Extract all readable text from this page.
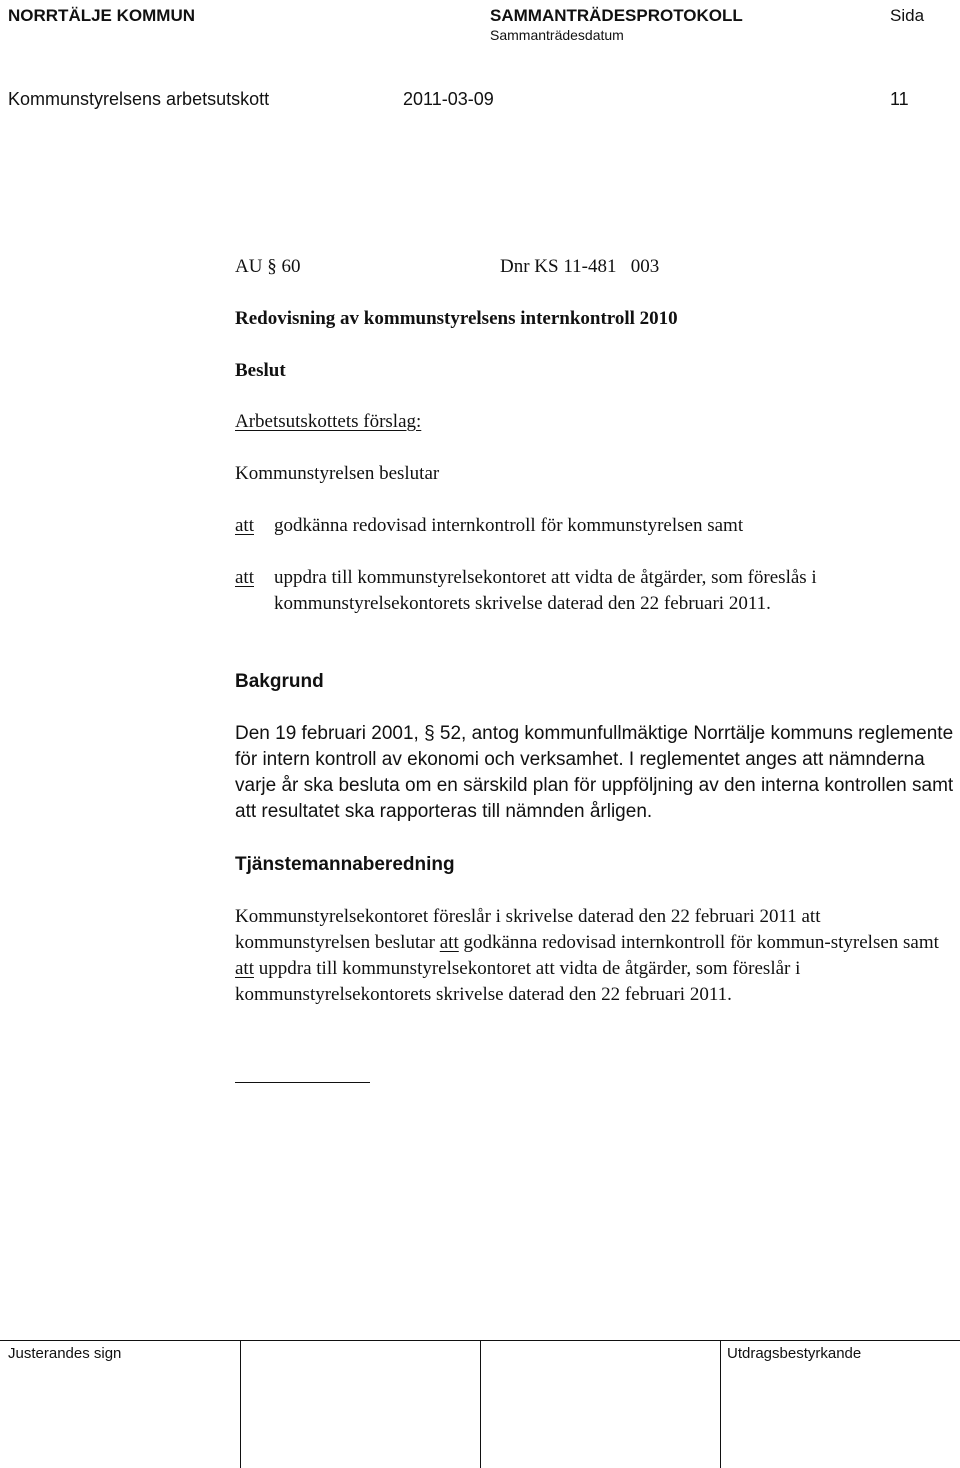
NORRTÄLJE KOMMUN	SAMMANTRÄDESPROTOKOLL
Sammanträdesdatum
Sida
Kommunstyrelsens arbetsutskott	2011-03-09	11
AU § 60	Dnr KS 11-481   003
Redovisning av kommunstyrelsens internkontroll 2010
Beslut
Arbetsutskottets förslag:
Kommunstyrelsen beslutar
att godkänna redovisad internkontroll för kommunstyrelsen samt
att uppdra till kommunstyrelsekontoret att vidta de åtgärder, som föreslås i kommunstyrelsekontorets skrivelse daterad den 22 februari 2011.
Bakgrund
Den 19 februari 2001, § 52, antog kommunfullmäktige Norrtälje kommuns reglemente för intern kontroll av ekonomi och verksamhet. I reglementet anges att nämnderna varje år ska besluta om en särskild plan för uppföljning av den interna kontrollen samt att resultatet ska rapporteras till nämnden årligen.
Tjänstemannaberedning
Kommunstyrelsekontoret föreslår i skrivelse daterad den 22 februari 2011 att kommunstyrelsen beslutar att godkänna redovisad internkontroll för kommun-styrelsen samt att uppdra till kommunstyrelsekontoret att vidta de åtgärder, som föreslår i kommunstyrelsekontorets skrivelse daterad den 22 februari 2011.
Justerandes sign	Utdragsbestyrkande
